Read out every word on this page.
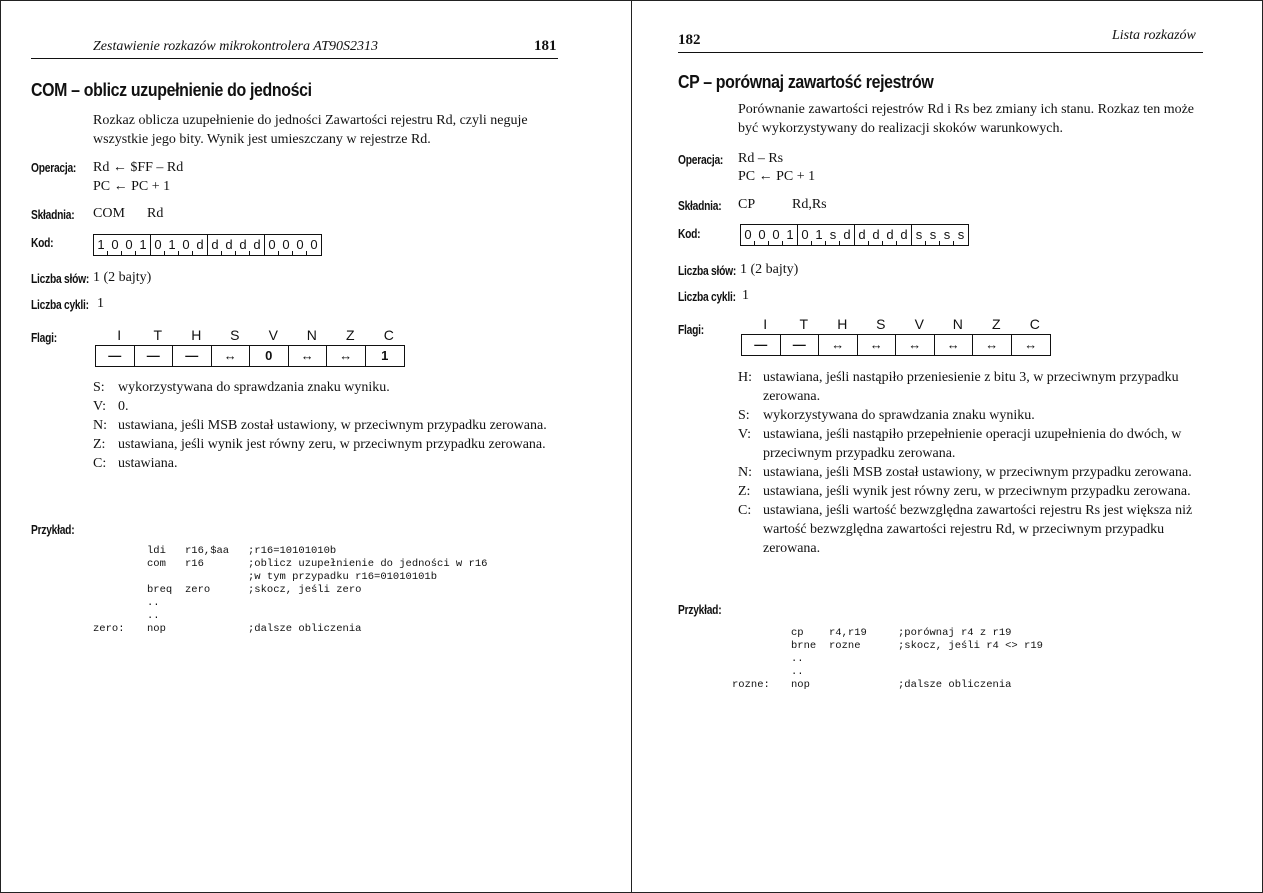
Zestawienie rozkazów mikrokontrolera AT90S2313	181
COM – oblicz uzupełnienie do jedności
Rozkaz oblicza uzupełnienie do jedności Zawartości rejestru Rd, czyli neguje wszystkie jego bity. Wynik jest umieszczany w rejestrze Rd.
Operacja: Rd ← $FF – Rd
PC ← PC + 1
Składnia: COM Rd
Kod:	1 0 0 1 0 1 0 d d d d d 0 0 0 0
Liczba słów: 1 (2 bajty)
Liczba cykli: 1
Flagi:	I	T	H	S	V	N	Z	C
—	—	—	↔	0	↔	↔	1
S: wykorzystywana do sprawdzania znaku wyniku.
V: 0.
N: ustawiana, jeśli MSB został ustawiony, w przeciwnym przypadku zerowana.
Z: ustawiana, jeśli wynik jest równy zeru, w przeciwnym przypadku zerowana.
C: ustawiana.
Przykład:
	ldi	r16,$aa	;r16=10101010b
	com	r16	;oblicz uzupełnienie do jedności w r16
			;w tym przypadku r16=01010101b
	breq	zero	;skocz, jeśli zero
	..		
	..		
zero:	nop		;dalsze obliczenia
182	Lista rozkazów
CP – porównaj zawartość rejestrów
Porównanie zawartości rejestrów Rd i Rs bez zmiany ich stanu. Rozkaz ten może być wykorzystywany do realizacji skoków warunkowych.
Operacja: Rd – Rs
PC ← PC + 1
Składnia: CP	Rd,Rs
Kod:	0 0 0 1 0 1 s d d d d d s s s s
Liczba słów: 1 (2 bajty)
Liczba cykli: 1
Flagi:	I	T	H	S	V	N	Z	C
—	—	↔	↔	↔	↔	↔	↔
H: ustawiana, jeśli nastąpiło przeniesienie z bitu 3, w przeciwnym przypadku zerowana.
S: wykorzystywana do sprawdzania znaku wyniku.
V: ustawiana, jeśli nastąpiło przepełnienie operacji uzupełnienia do dwóch, w przeciwnym przypadku zerowana.
N: ustawiana, jeśli MSB został ustawiony, w przeciwnym przypadku zerowana.
Z: ustawiana, jeśli wynik jest równy zeru, w przeciwnym przypadku zerowana.
C: ustawiana, jeśli wartość bezwzględna zawartości rejestru Rs jest większa niż wartość bezwzględna zawartości rejestru Rd, w przeciwnym przypadku zerowana.
Przykład:
	cp	r4,r19	;porównaj r4 z r19
	brne	rozne	;skocz, jeśli r4 <> r19
	..		
	..		
rozne:	nop		;dalsze obliczenia
